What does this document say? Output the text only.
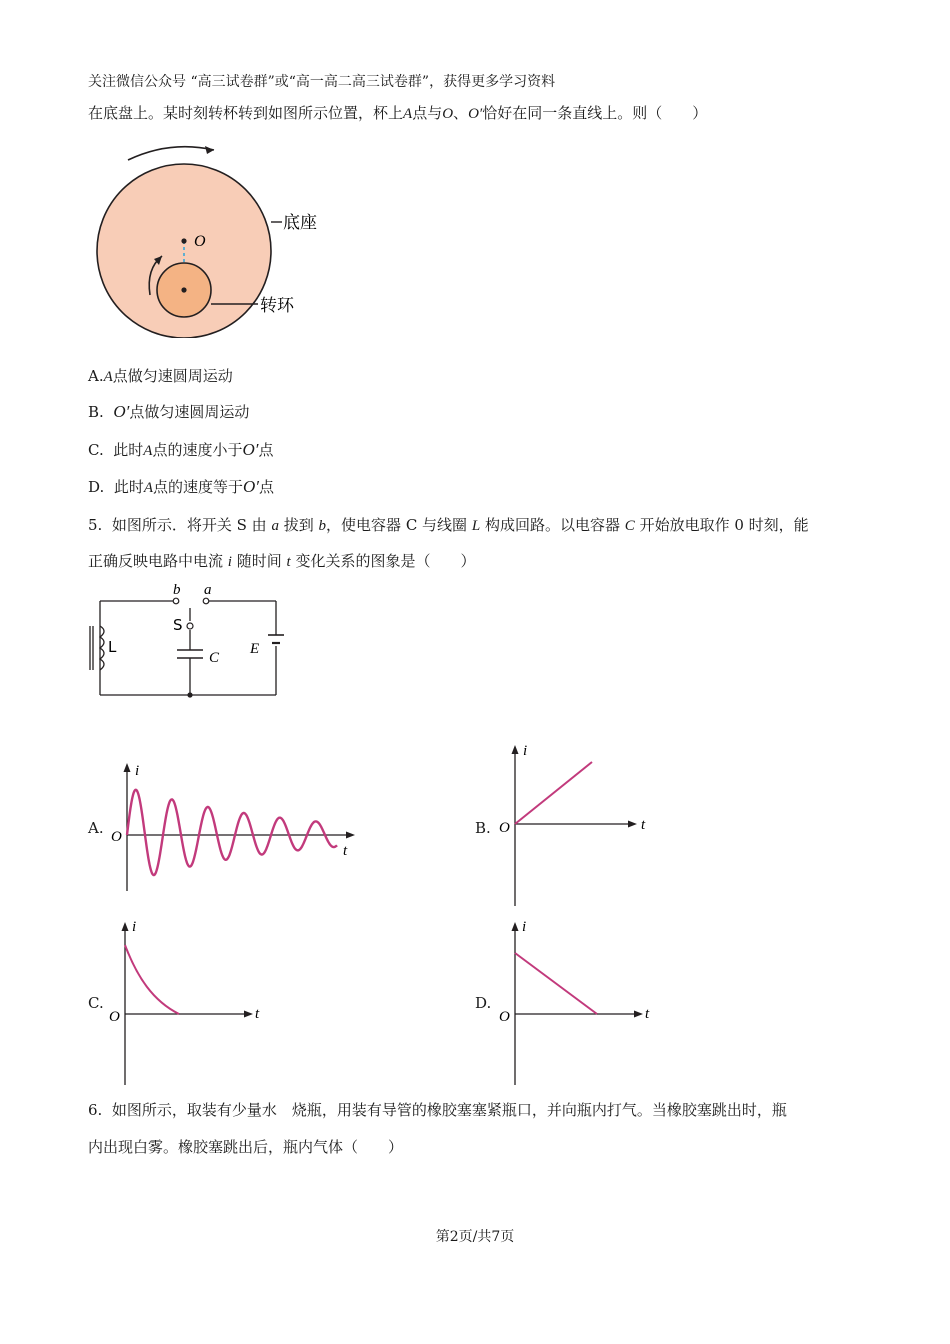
关注微信公众号 “高三试卷群”或“高一高二高三试卷群”，获得更多学习资料
在底盘上。某时刻转杯转到如图所示位置，杯上A点与O、O′恰好在同一条直线上。则（　　）
O
底座
转环
A.A点做匀速圆周运动
B. O′点做匀速圆周运动
C. 此时A点的速度小于O′点
D. 此时A点的速度等于O′点
5. 如图所示．将开关 S 由 a 拔到 b，使电容器 C 与线圈 L 构成回路。以电容器 C 开始放电取作 0 时刻，能
正确反映电路中电流 i 随时间 t 变化关系的图象是（　　）
b a
S
L
C
E
A.	B.
C.	D.
i
t
O
i
t
O
i
t
O
i
t
O
6. 如图所示，取装有少量水　烧瓶，用装有导管的橡胶塞塞紧瓶口，并向瓶内打气。当橡胶塞跳出时，瓶
内出现白雾。橡胶塞跳出后，瓶内气体（　　）
第2页/共7页
